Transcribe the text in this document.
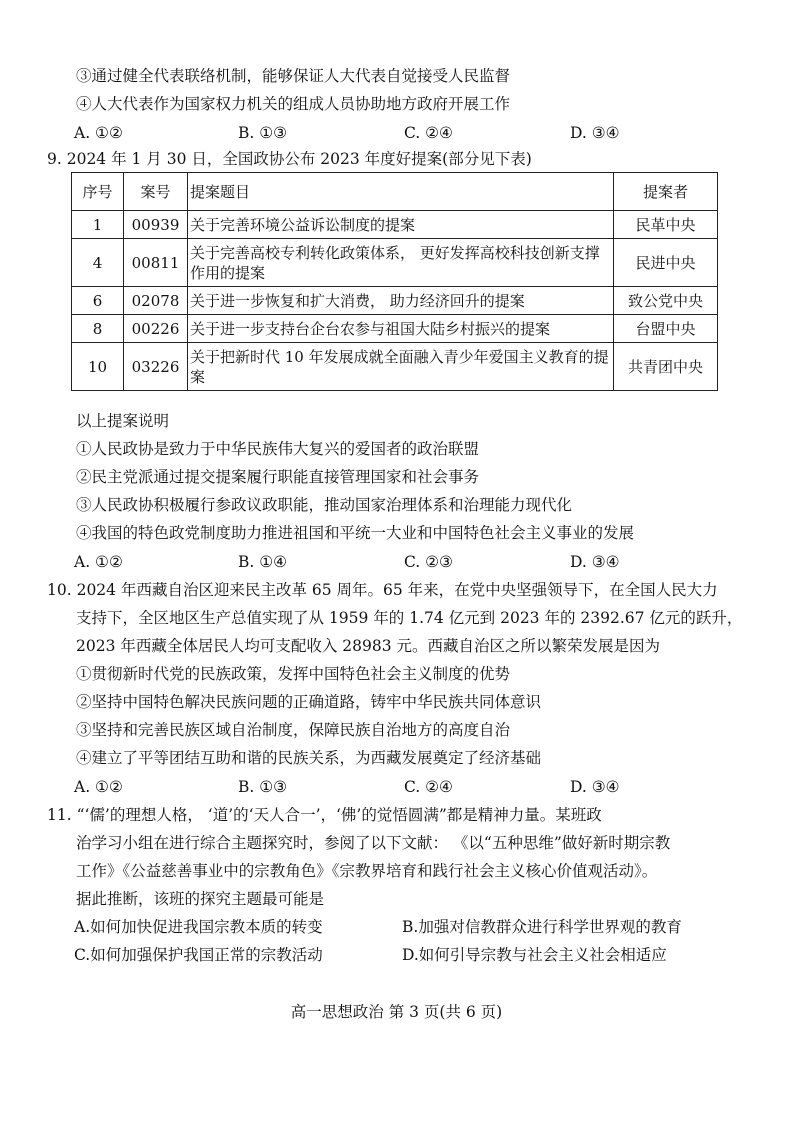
③通过健全代表联络机制，能够保证人大代表自觉接受人民监督
④人大代表作为国家权力机关的组成人员协助地方政府开展工作
A. ①②	B. ①③	C. ②④	D. ③④
9. 2024 年 1 月 30 日，全国政协公布 2023 年度好提案(部分见下表)
序号	案号	提案题目	提案者
1	00939	关于完善环境公益诉讼制度的提案	民革中央
4	00811	关于完善高校专利转化政策体系， 更好发挥高校科技创新支撑作用的提案	民进中央
6	02078	关于进一步恢复和扩大消费， 助力经济回升的提案	致公党中央
8	00226	关于进一步支持台企台农参与祖国大陆乡村振兴的提案	台盟中央
10	03226	关于把新时代 10 年发展成就全面融入青少年爱国主义教育的提案	共青团中央
以上提案说明
①人民政协是致力于中华民族伟大复兴的爱国者的政治联盟
②民主党派通过提交提案履行职能直接管理国家和社会事务
③人民政协积极履行参政议政职能，推动国家治理体系和治理能力现代化
④我国的特色政党制度助力推进祖国和平统一大业和中国特色社会主义事业的发展
A. ①②	B. ①④	C. ②③	D. ③④
10. 2024 年西藏自治区迎来民主改革 65 周年。65 年来，在党中央坚强领导下，在全国人民大力
支持下，全区地区生产总值实现了从 1959 年的 1.74 亿元到 2023 年的 2392.67 亿元的跃升，
2023 年西藏全体居民人均可支配收入 28983 元。西藏自治区之所以繁荣发展是因为
①贯彻新时代党的民族政策，发挥中国特色社会主义制度的优势
②坚持中国特色解决民族问题的正确道路，铸牢中华民族共同体意识
③坚持和完善民族区域自治制度，保障民族自治地方的高度自治
④建立了平等团结互助和谐的民族关系，为西藏发展奠定了经济基础
A. ①②	B. ①③	C. ②④	D. ③④
11. “‘儒’的理想人格， ‘道’的‘天人合一’，‘佛’的觉悟圆满”都是精神力量。某班政
治学习小组在进行综合主题探究时，参阅了以下文献： 《以“五种思维”做好新时期宗教
工作》《公益慈善事业中的宗教角色》《宗教界培育和践行社会主义核心价值观活动》。
据此推断，该班的探究主题最可能是
A.如何加快促进我国宗教本质的转变	B.加强对信教群众进行科学世界观的教育
C.如何加强保护我国正常的宗教活动	D.如何引导宗教与社会主义社会相适应
高一思想政治 第 3 页(共 6 页)
